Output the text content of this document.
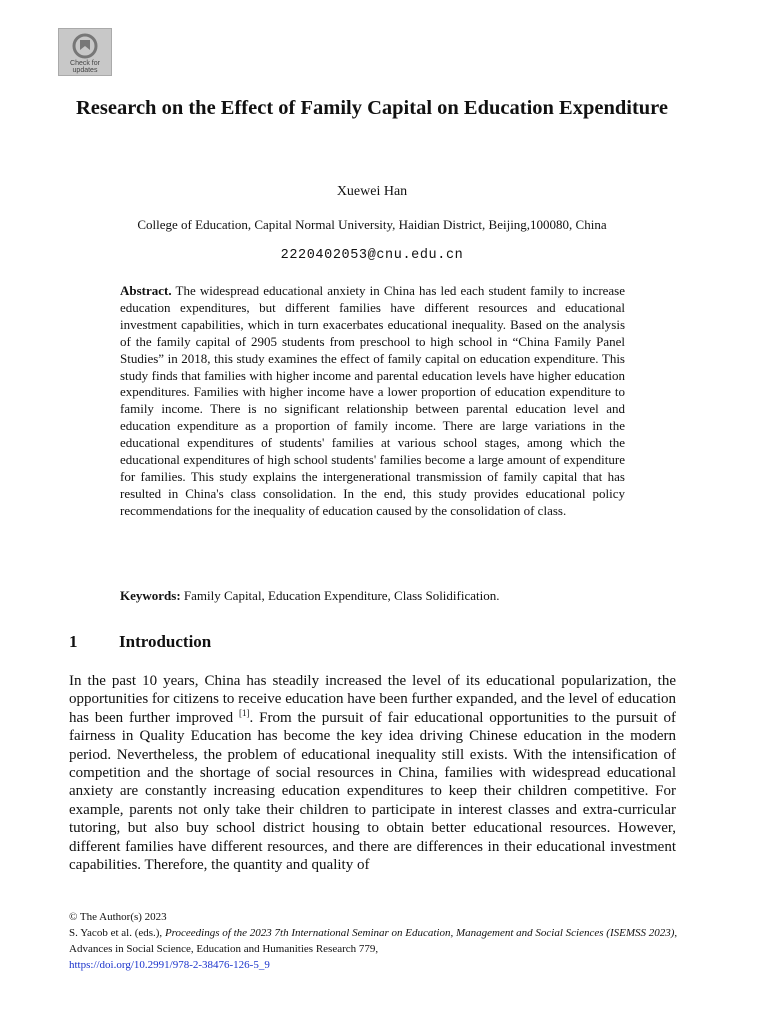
Check for
updates
Research on the Effect of Family Capital on Education Expenditure
Xuewei Han
College of Education, Capital Normal University, Haidian District, Beijing,100080, China
2220402053@cnu.edu.cn

Abstract. The widespread educational anxiety in China has led each student family to increase education expenditures, but different families have different resources and educational investment capabilities, which in turn exacerbates educational inequality. Based on the analysis of the family capital of 2905 students from preschool to high school in “China Family Panel Studies” in 2018, this study examines the effect of family capital on education expenditure. This study finds that families with higher income and parental education levels have higher education expenditures. Families with higher income have a lower proportion of education expenditure to family income. There is no significant relationship between parental education level and education expenditure as a proportion of family income. There are large variations in the educational expenditures of students' families at various school stages, among which the educational expenditures of high school students' families become a large amount of expenditure for families. This study explains the intergenerational transmission of family capital that has resulted in China's class consolidation. In the end, this study provides educational policy recommendations for the inequality of education caused by the consolidation of class.

Keywords: Family Capital, Education Expenditure, Class Solidification.

1 Introduction

In the past 10 years, China has steadily increased the level of its educational popularization, the opportunities for citizens to receive education have been further expanded, and the level of education has been further improved [1]. From the pursuit of fair educational opportunities to the pursuit of fairness in Quality Education has become the key idea driving Chinese education in the modern period. Nevertheless, the problem of educational inequality still exists. With the intensification of competition and the shortage of social resources in China, families with widespread educational anxiety are constantly increasing education expenditures to keep their children competitive. For example, parents not only take their children to participate in interest classes and extra-curricular tutoring, but also buy school district housing to obtain better educational resources. However, different families have different resources, and there are differences in their educational investment capabilities. Therefore, the quantity and quality of

© The Author(s) 2023
S. Yacob et al. (eds.), Proceedings of the 2023 7th International Seminar on Education, Management and Social Sciences (ISEMSS 2023), Advances in Social Science, Education and Humanities Research 779,
https://doi.org/10.2991/978-2-38476-126-5_9
